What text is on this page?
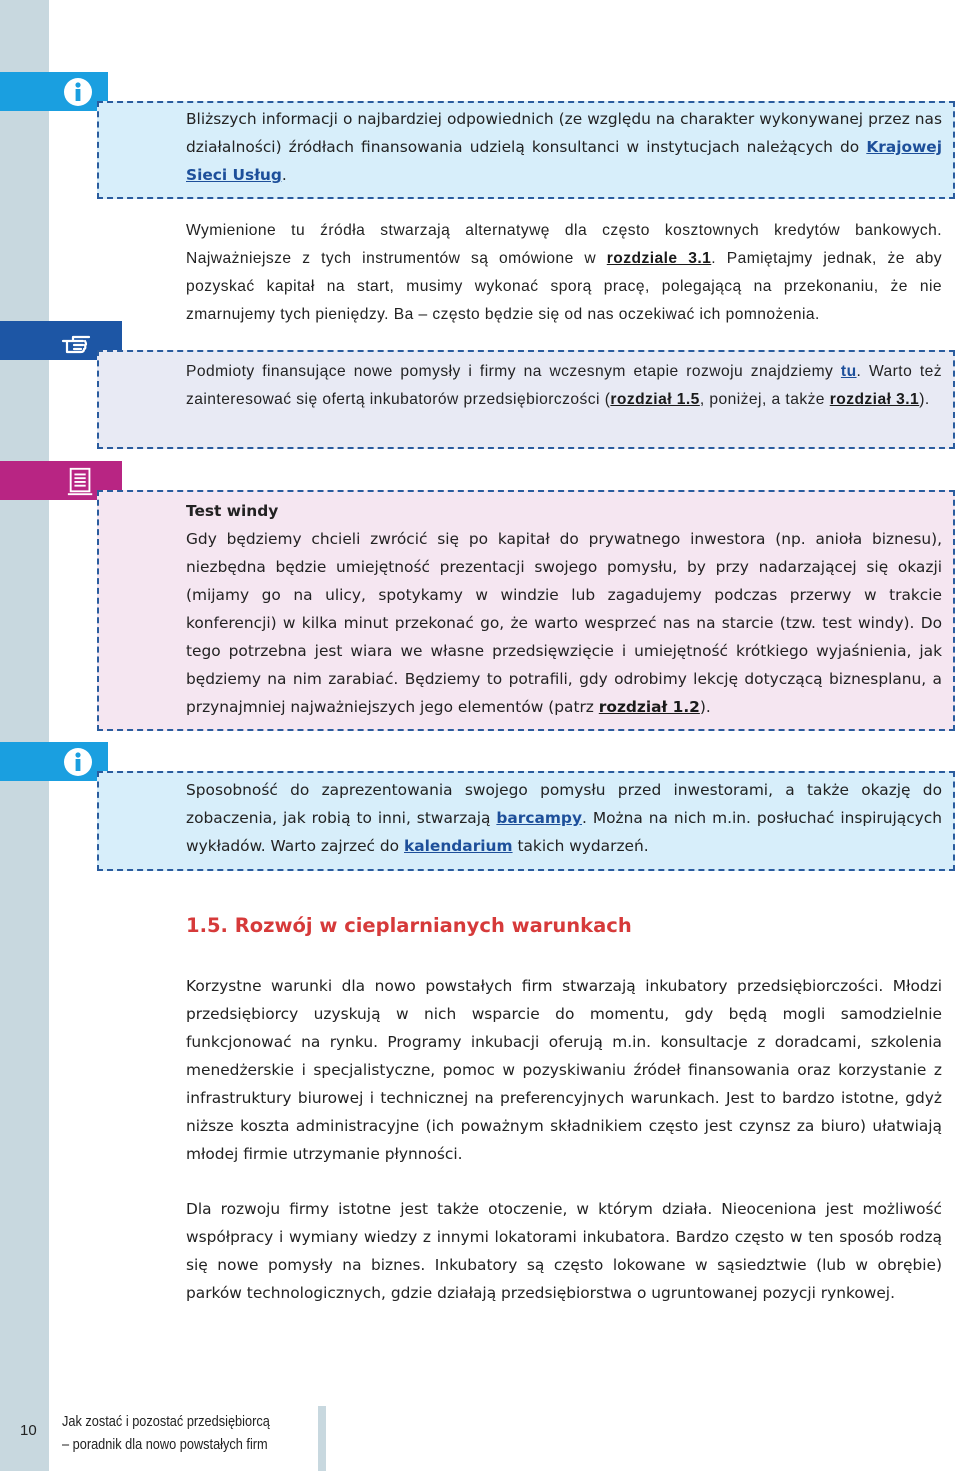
Bliższych informacji o najbardziej odpowiednich (ze względu na charakter wykonywanej przez nas działalności) źródłach finansowania udzielą konsultanci w instytucjach należących do Krajowej Sieci Usług.

Wymienione tu źródła stwarzają alternatywę dla często kosztownych kredytów bankowych. Najważniejsze z tych instrumentów są omówione w rozdziale 3.1. Pamiętajmy jednak, że aby pozyskać kapitał na start, musimy wykonać sporą pracę, polegającą na przekonaniu, że nie zmarnujemy tych pieniędzy. Ba – często będzie się od nas oczekiwać ich pomnożenia.

Podmioty finansujące nowe pomysły i firmy na wczesnym etapie rozwoju znajdziemy tu. Warto też zainteresować się ofertą inkubatorów przedsiębiorczości (rozdział 1.5, poniżej, a także rozdział 3.1).

Test windy

Gdy będziemy chcieli zwrócić się po kapitał do prywatnego inwestora (np. anioła biznesu), niezbędna będzie umiejętność prezentacji swojego pomysłu, by przy nadarzającej się okazji (mijamy go na ulicy, spotykamy w windzie lub zagadujemy podczas przerwy w trakcie konferencji) w kilka minut przekonać go, że warto wesprzeć nas na starcie (tzw. test windy). Do tego potrzebna jest wiara we własne przedsięwzięcie i umiejętność krótkiego wyjaśnienia, jak będziemy na nim zarabiać. Będziemy to potrafili, gdy odrobimy lekcję dotyczącą biznesplanu, a przynajmniej najważniejszych jego elementów (patrz rozdział 1.2).

Sposobność do zaprezentowania swojego pomysłu przed inwestorami, a także okazję do zobaczenia, jak robią to inni, stwarzają barcampy. Można na nich m.in. posłuchać inspirujących wykładów. Warto zajrzeć do kalendarium takich wydarzeń.

1.5. Rozwój w cieplarnianych warunkach

Korzystne warunki dla nowo powstałych firm stwarzają inkubatory przedsiębiorczości. Młodzi przedsiębiorcy uzyskują w nich wsparcie do momentu, gdy będą mogli samodzielnie funkcjonować na rynku. Programy inkubacji oferują m.in. konsultacje z doradcami, szkolenia menedżerskie i specjalistyczne, pomoc w pozyskiwaniu źródeł finansowania oraz korzystanie z infrastruktury biurowej i technicznej na preferencyjnych warunkach. Jest to bardzo istotne, gdyż niższe koszta administracyjne (ich poważnym składnikiem często jest czynsz za biuro) ułatwiają młodej firmie utrzymanie płynności.

Dla rozwoju firmy istotne jest także otoczenie, w którym działa. Nieoceniona jest możliwość współpracy i wymiany wiedzy z innymi lokatorami inkubatora. Bardzo często w ten sposób rodzą się nowe pomysły na biznes. Inkubatory są często lokowane w sąsiedztwie (lub w obrębie) parków technologicznych, gdzie działają przedsiębiorstwa o ugruntowanej pozycji rynkowej.

10 Jak zostać i pozostać przedsiębiorcą
– poradnik dla nowo powstałych firm
